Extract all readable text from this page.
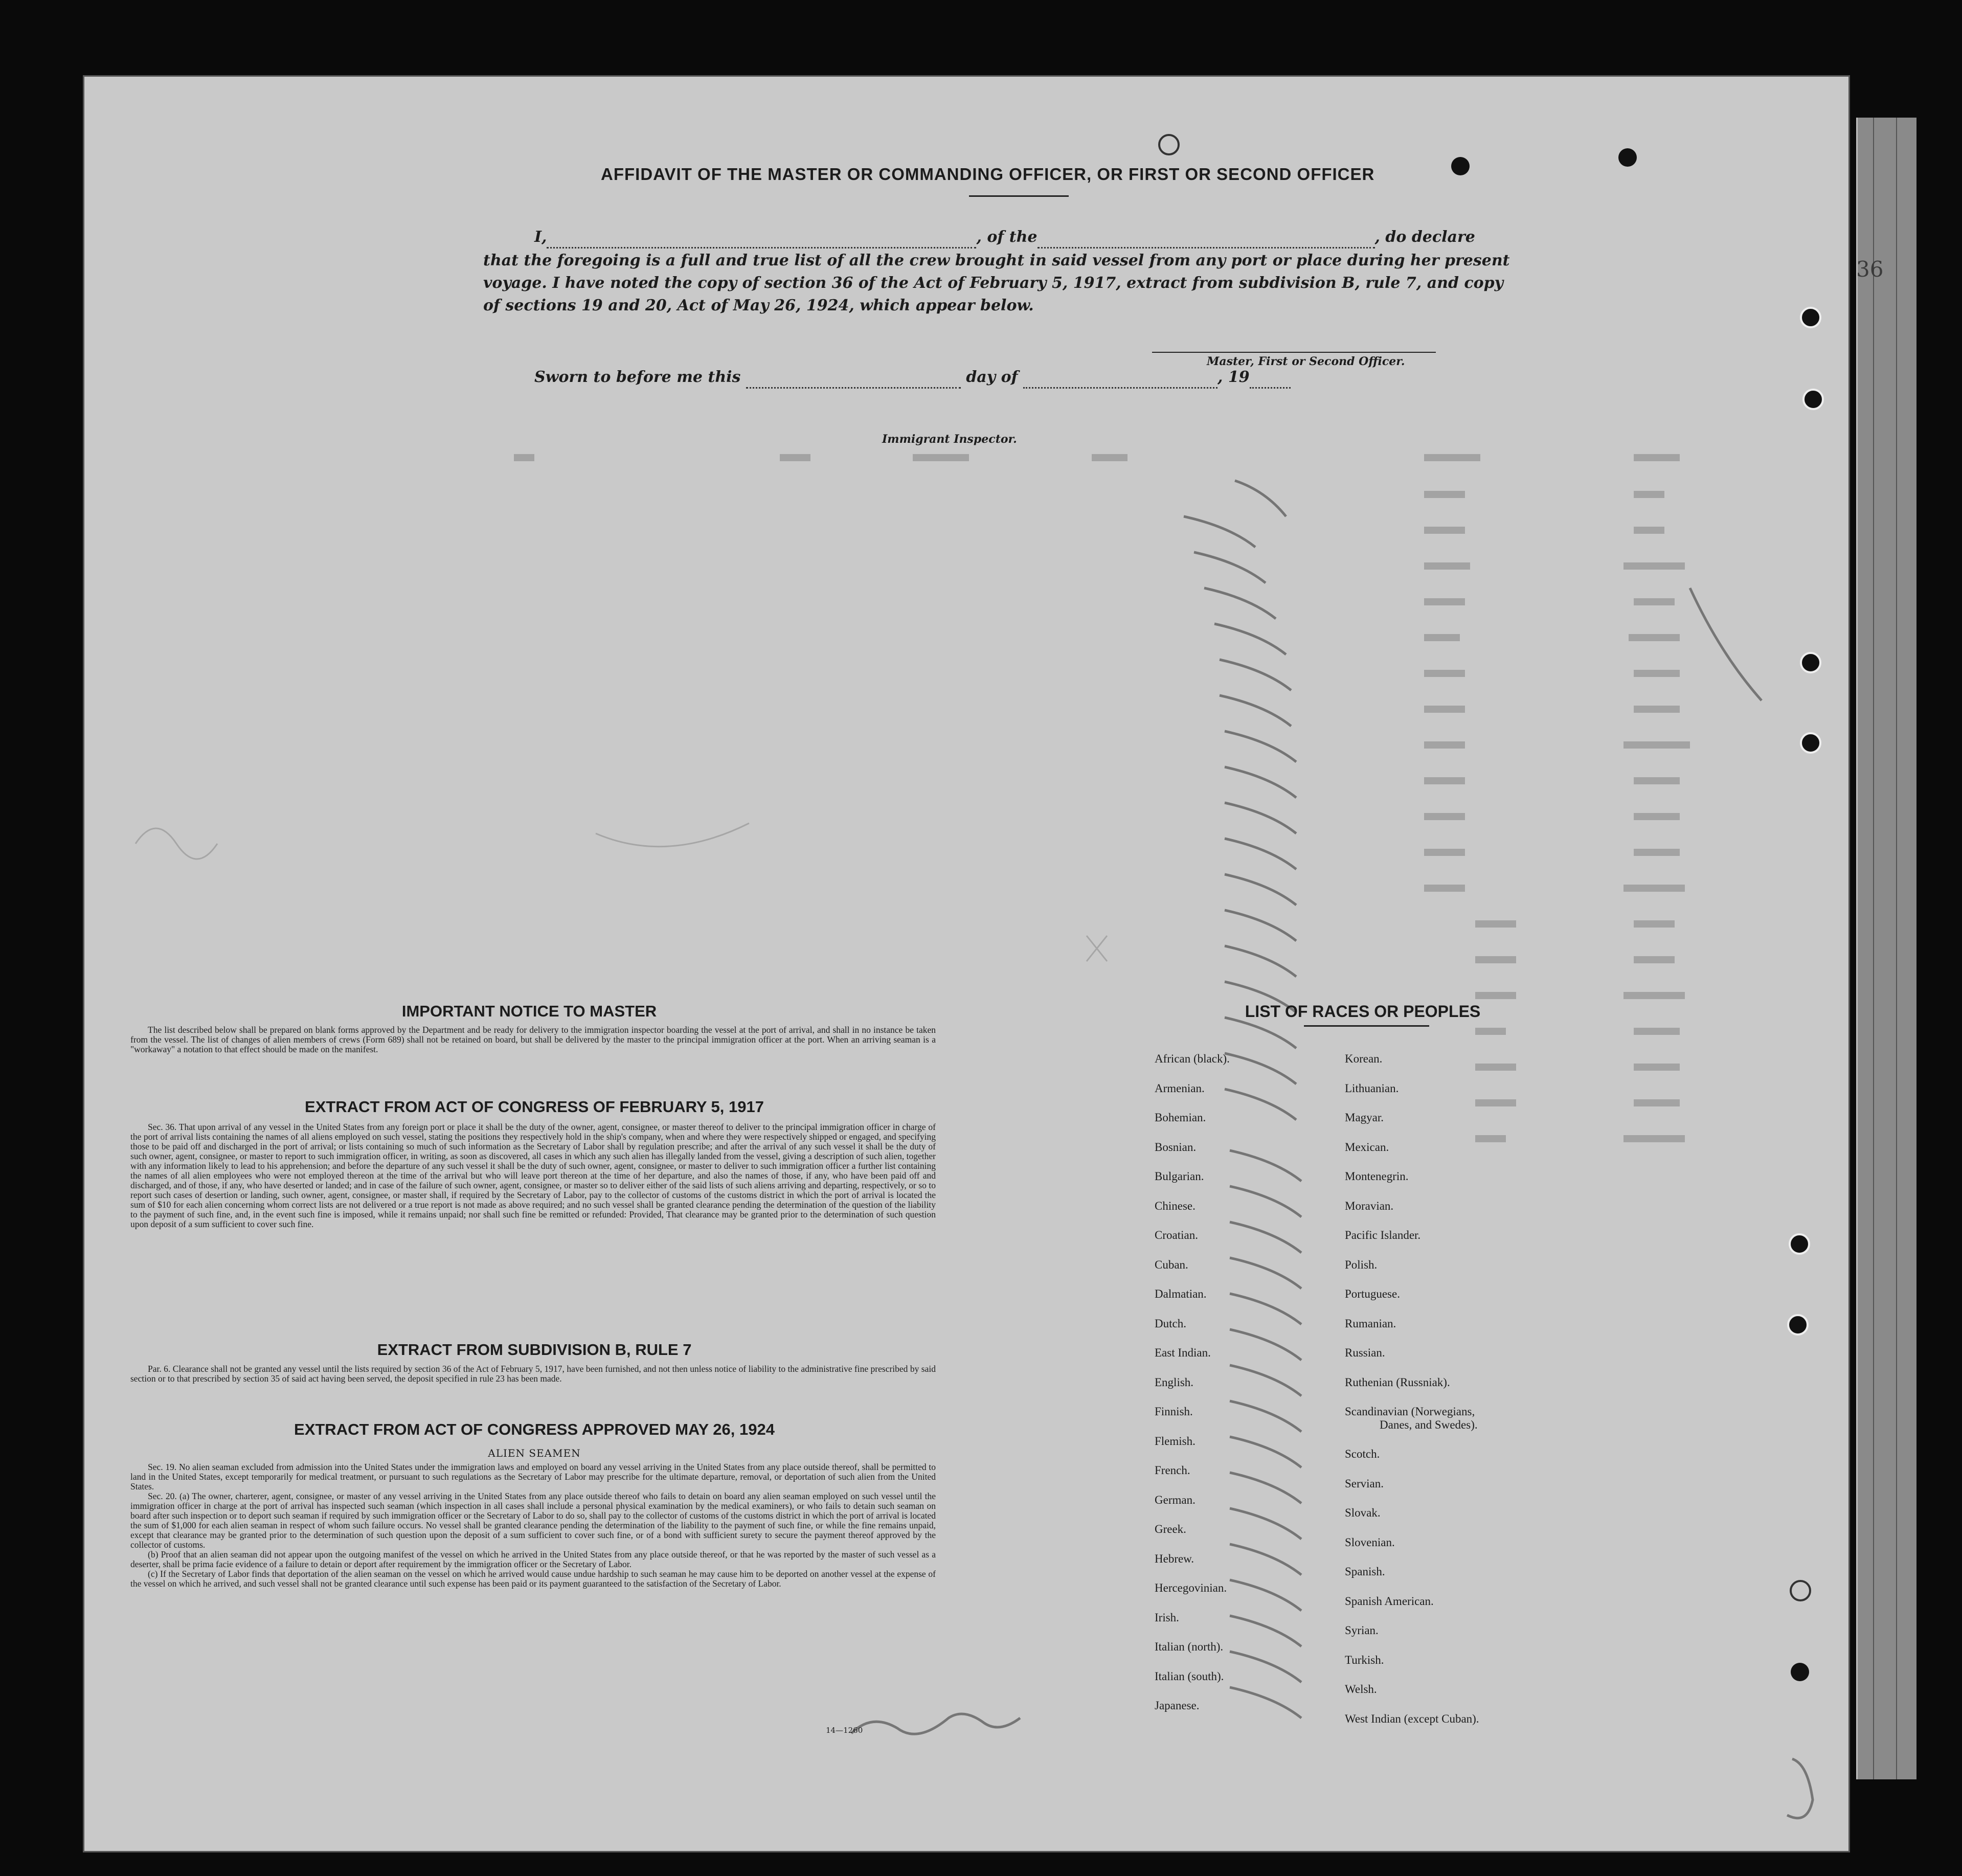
AFFIDAVIT OF THE MASTER OR COMMANDING OFFICER, OR FIRST OR SECOND OFFICER
I,	, of the	, do declare
that the foregoing is a full and true list of all the crew brought in said vessel from any port or place during her present
voyage. I have noted the copy of section 36 of the Act of February 5, 1917, extract from subdivision B, rule 7, and copy
of sections 19 and 20, Act of May 26, 1924, which appear below.
Master, First or Second Officer.
Sworn to before me this	day of	, 19
Immigrant Inspector.
36
IMPORTANT NOTICE TO MASTER

The list described below shall be prepared on blank forms approved by the Department and be ready for delivery to the immigration inspector boarding the vessel at the port of arrival, and shall in no instance be taken from the vessel. The list of changes of alien members of crews (Form 689) shall not be retained on board, but shall be delivered by the master to the principal immigration officer at the port. When an arriving seaman is a "workaway" a notation to that effect should be made on the manifest.

EXTRACT FROM ACT OF CONGRESS OF FEBRUARY 5, 1917

Sec. 36. That upon arrival of any vessel in the United States from any foreign port or place it shall be the duty of the owner, agent, consignee, or master thereof to deliver to the principal immigration officer in charge of the port of arrival lists containing the names of all aliens employed on such vessel, stating the positions they respectively hold in the ship's company, when and where they were respectively shipped or engaged, and specifying those to be paid off and discharged in the port of arrival; or lists containing so much of such information as the Secretary of Labor shall by regulation prescribe; and after the arrival of any such vessel it shall be the duty of such owner, agent, consignee, or master to report to such immigration officer, in writing, as soon as discovered, all cases in which any such alien has illegally landed from the vessel, giving a description of such alien, together with any information likely to lead to his apprehension; and before the departure of any such vessel it shall be the duty of such owner, agent, consignee, or master to deliver to such immigration officer a further list containing the names of all alien employees who were not employed thereon at the time of the arrival but who will leave port thereon at the time of her departure, and also the names of those, if any, who have been paid off and discharged, and of those, if any, who have deserted or landed; and in case of the failure of such owner, agent, consignee, or master so to deliver either of the said lists of such aliens arriving and departing, respectively, or so to report such cases of desertion or landing, such owner, agent, consignee, or master shall, if required by the Secretary of Labor, pay to the collector of customs of the customs district in which the port of arrival is located the sum of $10 for each alien concerning whom correct lists are not delivered or a true report is not made as above required; and no such vessel shall be granted clearance pending the determination of the question of the liability to the payment of such fine, and, in the event such fine is imposed, while it remains unpaid; nor shall such fine be remitted or refunded: Provided, That clearance may be granted prior to the determination of such question upon deposit of a sum sufficient to cover such fine.

EXTRACT FROM SUBDIVISION B, RULE 7

Par. 6. Clearance shall not be granted any vessel until the lists required by section 36 of the Act of February 5, 1917, have been furnished, and not then unless notice of liability to the administrative fine prescribed by said section or to that prescribed by section 35 of said act having been served, the deposit specified in rule 23 has been made.

EXTRACT FROM ACT OF CONGRESS APPROVED MAY 26, 1924
ALIEN SEAMEN

Sec. 19. No alien seaman excluded from admission into the United States under the immigration laws and employed on board any vessel arriving in the United States from any place outside thereof, shall be permitted to land in the United States, except temporarily for medical treatment, or pursuant to such regulations as the Secretary of Labor may prescribe for the ultimate departure, removal, or deportation of such alien from the United States.

Sec. 20. (a) The owner, charterer, agent, consignee, or master of any vessel arriving in the United States from any place outside thereof who fails to detain on board any alien seaman employed on such vessel until the immigration officer in charge at the port of arrival has inspected such seaman (which inspection in all cases shall include a personal physical examination by the medical examiners), or who fails to detain such seaman on board after such inspection or to deport such seaman if required by such immigration officer or the Secretary of Labor to do so, shall pay to the collector of customs of the customs district in which the port of arrival is located the sum of $1,000 for each alien seaman in respect of whom such failure occurs. No vessel shall be granted clearance pending the determination of the liability to the payment of such fine, or while the fine remains unpaid, except that clearance may be granted prior to the determination of such question upon the deposit of a sum sufficient to cover such fine, or of a bond with sufficient surety to secure the payment thereof approved by the collector of customs.

(b) Proof that an alien seaman did not appear upon the outgoing manifest of the vessel on which he arrived in the United States from any place outside thereof, or that he was reported by the master of such vessel as a deserter, shall be prima facie evidence of a failure to detain or deport after requirement by the immigration officer or the Secretary of Labor.

(c) If the Secretary of Labor finds that deportation of the alien seaman on the vessel on which he arrived would cause undue hardship to such seaman he may cause him to be deported on another vessel at the expense of the vessel on which he arrived, and such vessel shall not be granted clearance until such expense has been paid or its payment guaranteed to the satisfaction of the Secretary of Labor.

14—1260
LIST OF RACES OR PEOPLES
African (black).
Armenian.
Bohemian.
Bosnian.
Bulgarian.
Chinese.
Croatian.
Cuban.
Dalmatian.
Dutch.
East Indian.
English.
Finnish.
Flemish.
French.
German.
Greek.
Hebrew.
Hercegovinian.
Irish.
Italian (north).
Italian (south).
Japanese.
Korean.
Lithuanian.
Magyar.
Mexican.
Montenegrin.
Moravian.
Pacific Islander.
Polish.
Portuguese.
Rumanian.
Russian.
Ruthenian (Russniak).
Scandinavian (Norwegians,
Danes, and Swedes).
Scotch.
Servian.
Slovak.
Slovenian.
Spanish.
Spanish American.
Syrian.
Turkish.
Welsh.
West Indian (except Cuban).
